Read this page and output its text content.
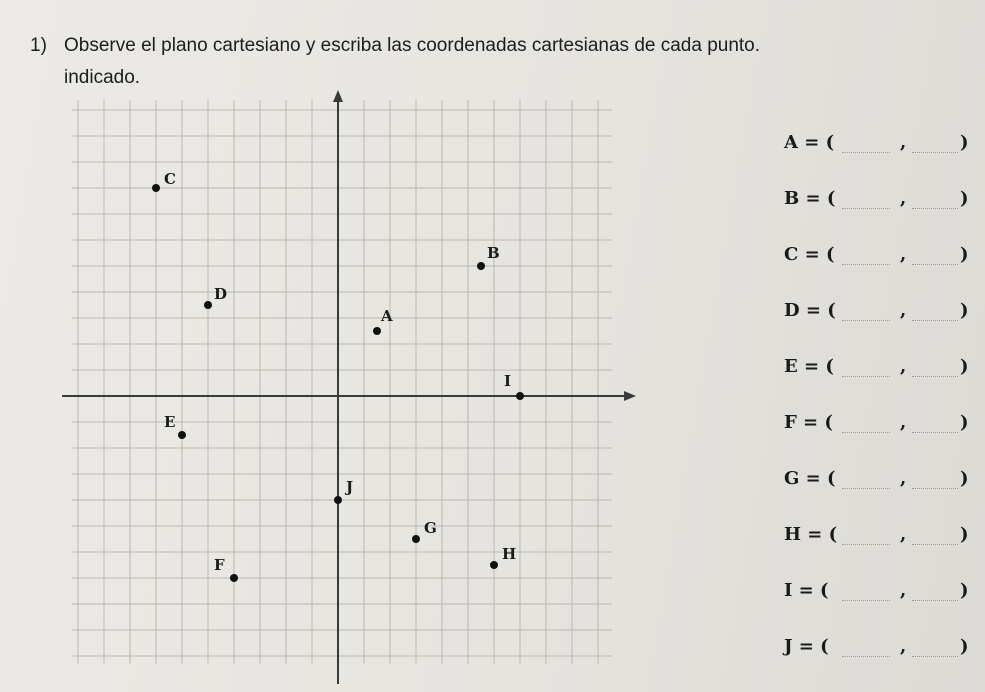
1) Observe el plano cartesiano y escriba las coordenadas cartesianas de cada punto.
indicado.
A
B
C
D
E
F
G
H
I
J
A = (	,	)
B = (	,	)
C = (	,	)
D = (	,	)
E = (	,	)
F = (	,	)
G = (	,	)
H = (	,	)
I = (	,	)
J = (	,	)
